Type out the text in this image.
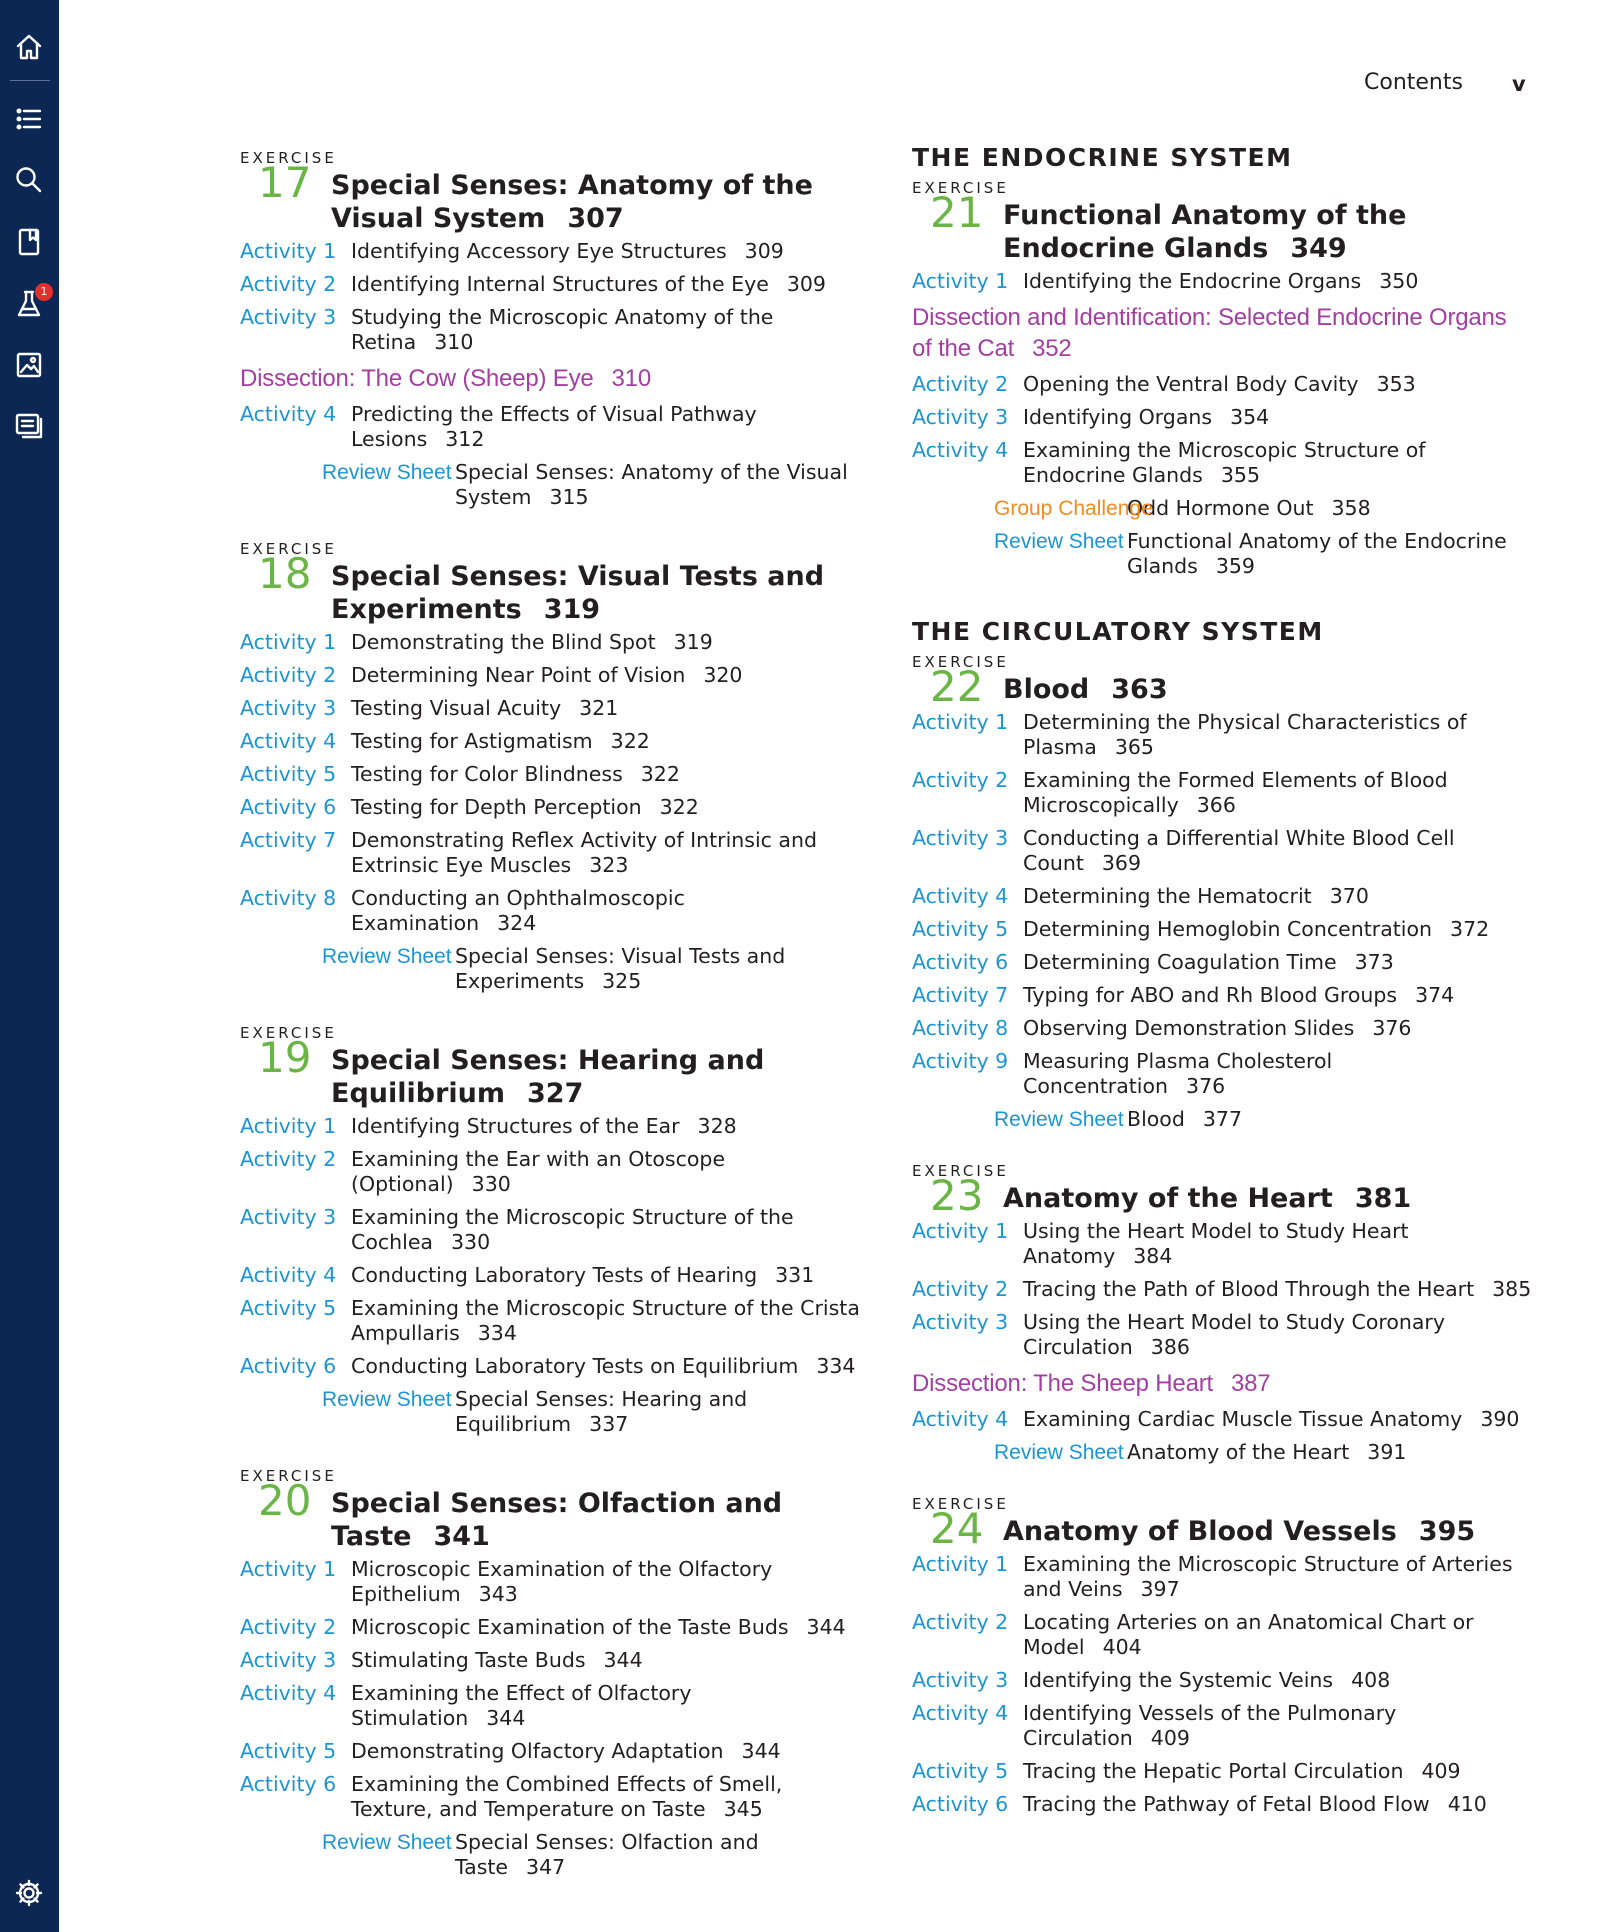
1
Contents v
EXERCISE
17 Special Senses: Anatomy of the Visual System 307
Activity 1 Identifying Accessory Eye Structures 309
Activity 2 Identifying Internal Structures of the Eye 309
Activity 3 Studying the Microscopic Anatomy of the Retina 310
Dissection: The Cow (Sheep) Eye 310
Activity 4 Predicting the Effects of Visual Pathway Lesions 312
Review Sheet Special Senses: Anatomy of the Visual System 315
EXERCISE
18 Special Senses: Visual Tests and Experiments 319
Activity 1 Demonstrating the Blind Spot 319
Activity 2 Determining Near Point of Vision 320
Activity 3 Testing Visual Acuity 321
Activity 4 Testing for Astigmatism 322
Activity 5 Testing for Color Blindness 322
Activity 6 Testing for Depth Perception 322
Activity 7 Demonstrating Reflex Activity of Intrinsic and Extrinsic Eye Muscles 323
Activity 8 Conducting an Ophthalmoscopic Examination 324
Review Sheet Special Senses: Visual Tests and Experiments 325
EXERCISE
19 Special Senses: Hearing and Equilibrium 327
Activity 1 Identifying Structures of the Ear 328
Activity 2 Examining the Ear with an Otoscope (Optional) 330
Activity 3 Examining the Microscopic Structure of the Cochlea 330
Activity 4 Conducting Laboratory Tests of Hearing 331
Activity 5 Examining the Microscopic Structure of the Crista Ampullaris 334
Activity 6 Conducting Laboratory Tests on Equilibrium 334
Review Sheet Special Senses: Hearing and Equilibrium 337
EXERCISE
20 Special Senses: Olfaction and Taste 341
Activity 1 Microscopic Examination of the Olfactory Epithelium 343
Activity 2 Microscopic Examination of the Taste Buds 344
Activity 3 Stimulating Taste Buds 344
Activity 4 Examining the Effect of Olfactory Stimulation 344
Activity 5 Demonstrating Olfactory Adaptation 344
Activity 6 Examining the Combined Effects of Smell, Texture, and Temperature on Taste 345
Review Sheet Special Senses: Olfaction and Taste 347
THE ENDOCRINE SYSTEM
EXERCISE
21 Functional Anatomy of the Endocrine Glands 349
Activity 1 Identifying the Endocrine Organs 350
Dissection and Identification: Selected Endocrine Organs of the Cat 352
Activity 2 Opening the Ventral Body Cavity 353
Activity 3 Identifying Organs 354
Activity 4 Examining the Microscopic Structure of Endocrine Glands 355
Group Challenge
Odd Hormone Out 358
Review Sheet Functional Anatomy of the Endocrine Glands 359
THE CIRCULATORY SYSTEM
EXERCISE
22 Blood 363
Activity 1 Determining the Physical Characteristics of Plasma 365
Activity 2 Examining the Formed Elements of Blood Microscopically 366
Activity 3 Conducting a Differential White Blood Cell Count 369
Activity 4 Determining the Hematocrit 370
Activity 5 Determining Hemoglobin Concentration 372
Activity 6 Determining Coagulation Time 373
Activity 7 Typing for ABO and Rh Blood Groups 374
Activity 8 Observing Demonstration Slides 376
Activity 9 Measuring Plasma Cholesterol Concentration 376
Review Sheet Blood 377
EXERCISE
23 Anatomy of the Heart 381
Activity 1 Using the Heart Model to Study Heart Anatomy 384
Activity 2 Tracing the Path of Blood Through the Heart 385
Activity 3 Using the Heart Model to Study Coronary Circulation 386
Dissection: The Sheep Heart 387
Activity 4 Examining Cardiac Muscle Tissue Anatomy 390
Review Sheet Anatomy of the Heart 391
EXERCISE
24 Anatomy of Blood Vessels 395
Activity 1 Examining the Microscopic Structure of Arteries and Veins 397
Activity 2 Locating Arteries on an Anatomical Chart or Model 404
Activity 3 Identifying the Systemic Veins 408
Activity 4 Identifying Vessels of the Pulmonary Circulation 409
Activity 5 Tracing the Hepatic Portal Circulation 409
Activity 6 Tracing the Pathway of Fetal Blood Flow 410
